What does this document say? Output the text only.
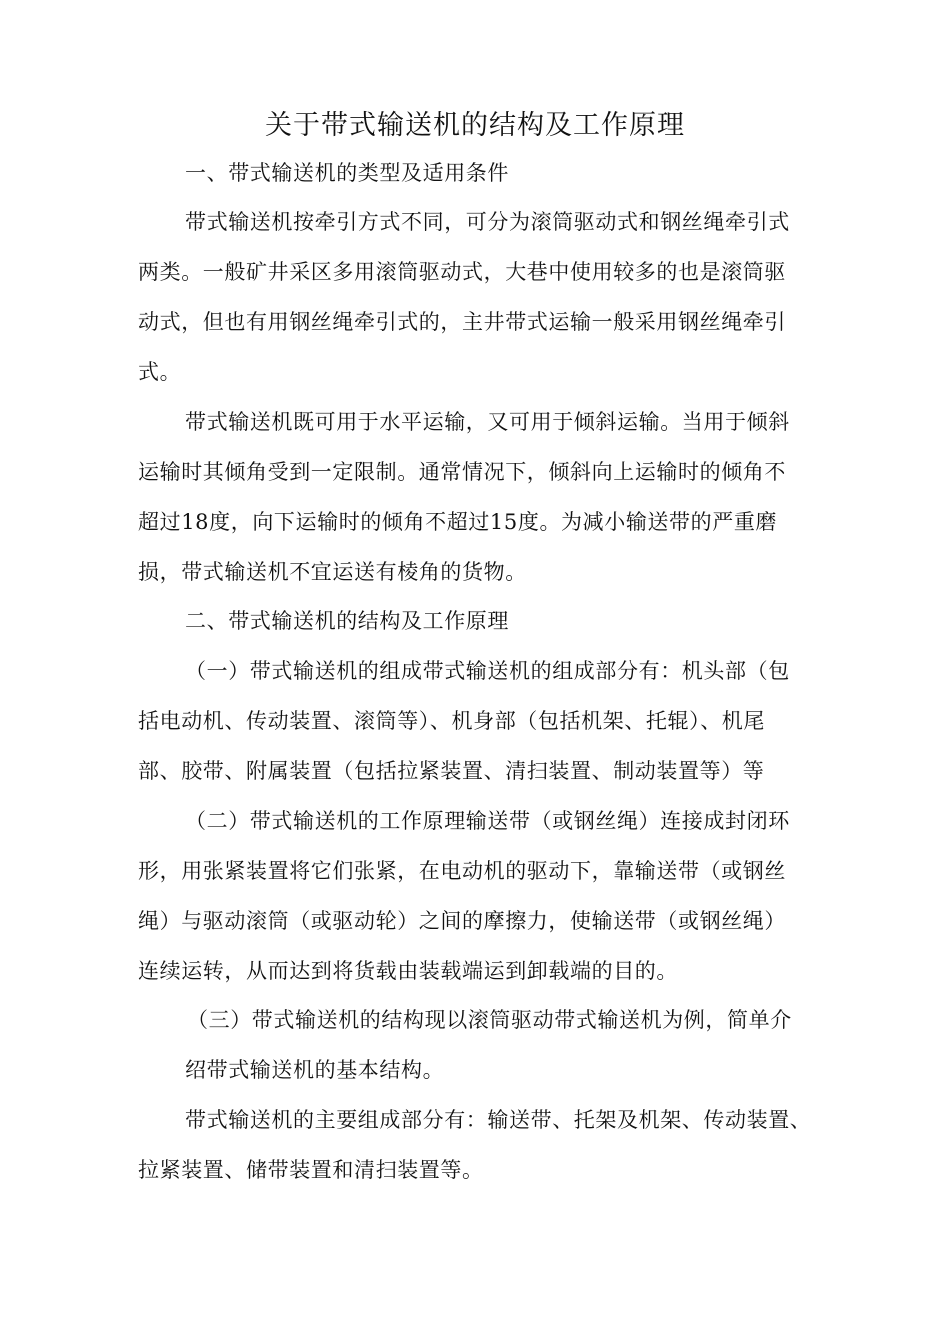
关于带式输送机的结构及工作原理
一、带式输送机的类型及适用条件
带式输送机按牵引方式不同，可分为滚筒驱动式和钢丝绳牵引式
两类。一般矿井采区多用滚筒驱动式，大巷中使用较多的也是滚筒驱
动式，但也有用钢丝绳牵引式的，主井带式运输一般采用钢丝绳牵引
式。
带式输送机既可用于水平运输，又可用于倾斜运输。当用于倾斜
运输时其倾角受到一定限制。通常情况下，倾斜向上运输时的倾角不
超过18度，向下运输时的倾角不超过15度。为减小输送带的严重磨
损，带式输送机不宜运送有棱角的货物。
二、带式输送机的结构及工作原理
（一）带式输送机的组成带式输送机的组成部分有：机头部（包
括电动机、传动装置、滚筒等）、机身部（包括机架、托辊）、机尾
部、胶带、附属装置（包括拉紧装置、清扫装置、制动装置等）等
（二）带式输送机的工作原理输送带（或钢丝绳）连接成封闭环
形，用张紧装置将它们张紧，在电动机的驱动下，靠输送带（或钢丝
绳）与驱动滚筒（或驱动轮）之间的摩擦力，使输送带（或钢丝绳）
连续运转，从而达到将货载由装载端运到卸载端的目的。
（三）带式输送机的结构现以滚筒驱动带式输送机为例，简单介
绍带式输送机的基本结构。
带式输送机的主要组成部分有：输送带、托架及机架、传动装置、
拉紧装置、储带装置和清扫装置等。
